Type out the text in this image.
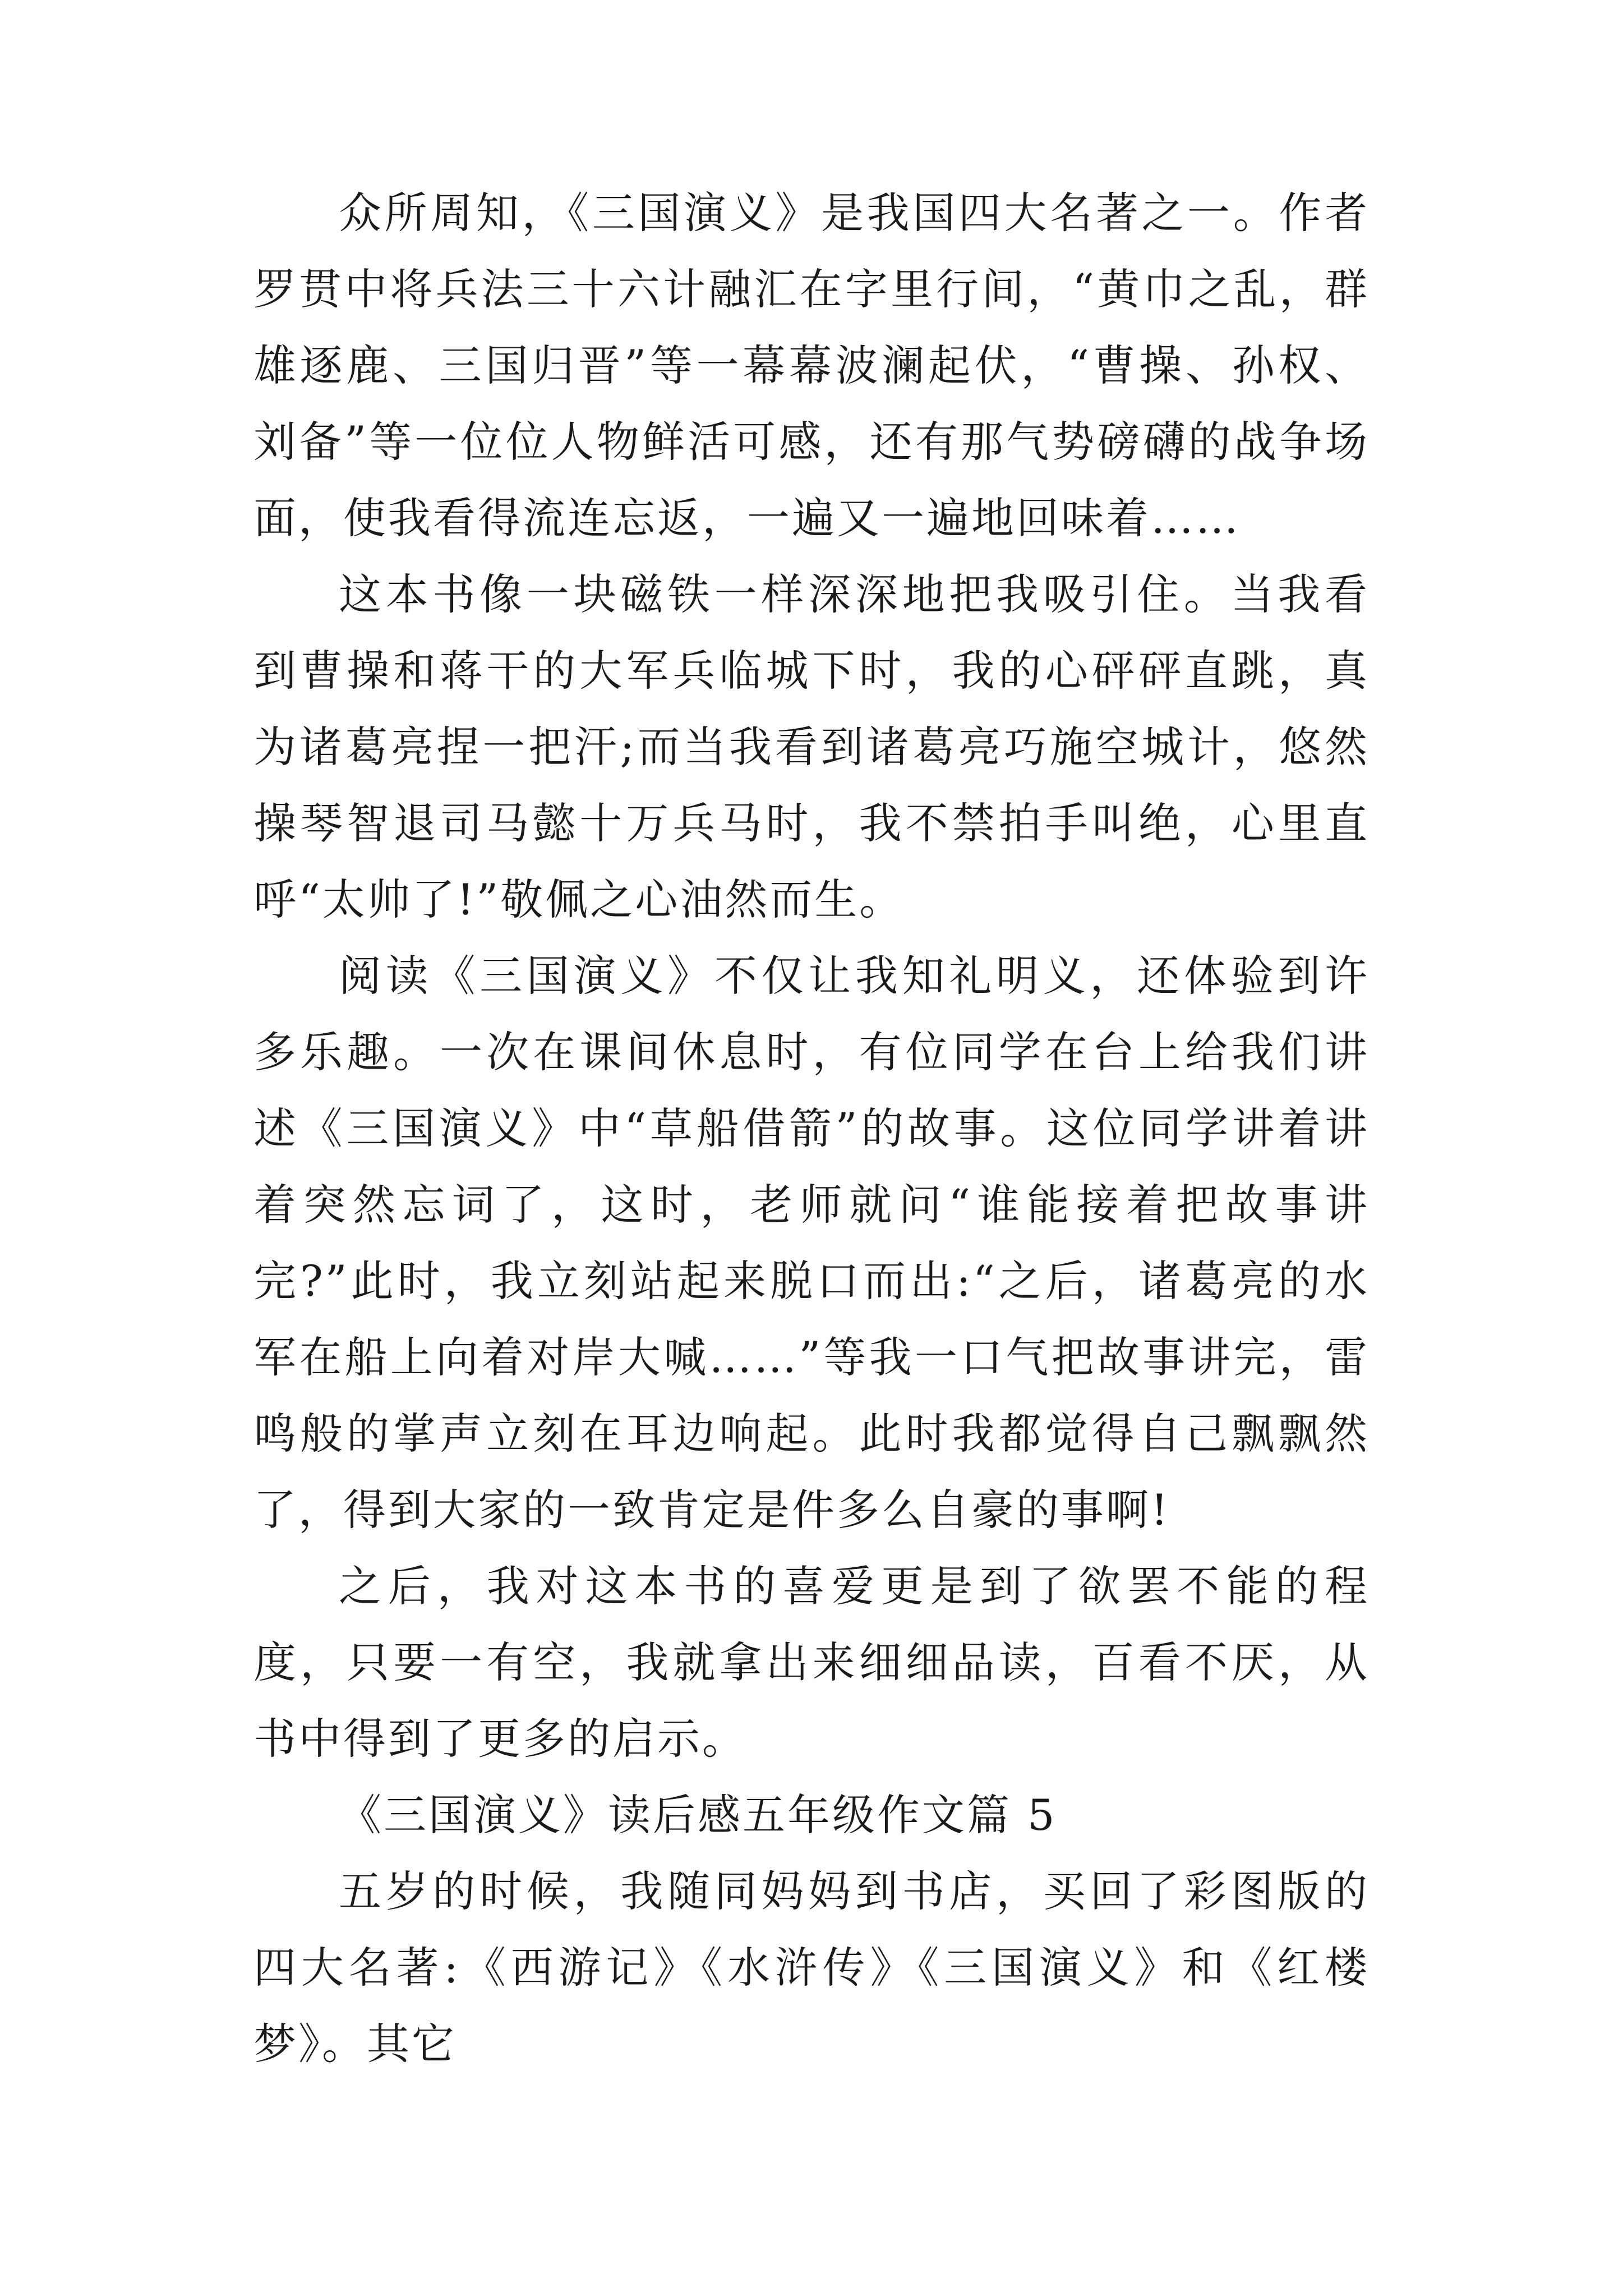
众所周知，《三国演义》是我国四大名著之一。作者罗贯中将兵法三十六计融汇在字里行间，“黄巾之乱，群雄逐鹿、三国归晋”等一幕幕波澜起伏，“曹操、孙权、刘备”等一位位人物鲜活可感，还有那气势磅礴的战争场面，使我看得流连忘返，一遍又一遍地回味着……

这本书像一块磁铁一样深深地把我吸引住。当我看到曹操和蒋干的大军兵临城下时，我的心砰砰直跳，真为诸葛亮捏一把汗;而当我看到诸葛亮巧施空城计，悠然操琴智退司马懿十万兵马时，我不禁拍手叫绝，心里直呼“太帅了!”敬佩之心油然而生。

阅读《三国演义》不仅让我知礼明义，还体验到许多乐趣。一次在课间休息时，有位同学在台上给我们讲述《三国演义》中“草船借箭”的故事。这位同学讲着讲着突然忘词了，这时，老师就问“谁能接着把故事讲完?”此时，我立刻站起来脱口而出:“之后，诸葛亮的水军在船上向着对岸大喊……”等我一口气把故事讲完，雷鸣般的掌声立刻在耳边响起。此时我都觉得自己飘飘然了，得到大家的一致肯定是件多么自豪的事啊!

之后，我对这本书的喜爱更是到了欲罢不能的程度，只要一有空，我就拿出来细细品读，百看不厌，从书中得到了更多的启示。

《三国演义》读后感五年级作文篇 5

五岁的时候，我随同妈妈到书店，买回了彩图版的四大名著:《西游记》《水浒传》《三国演义》和《红楼梦》。其它
